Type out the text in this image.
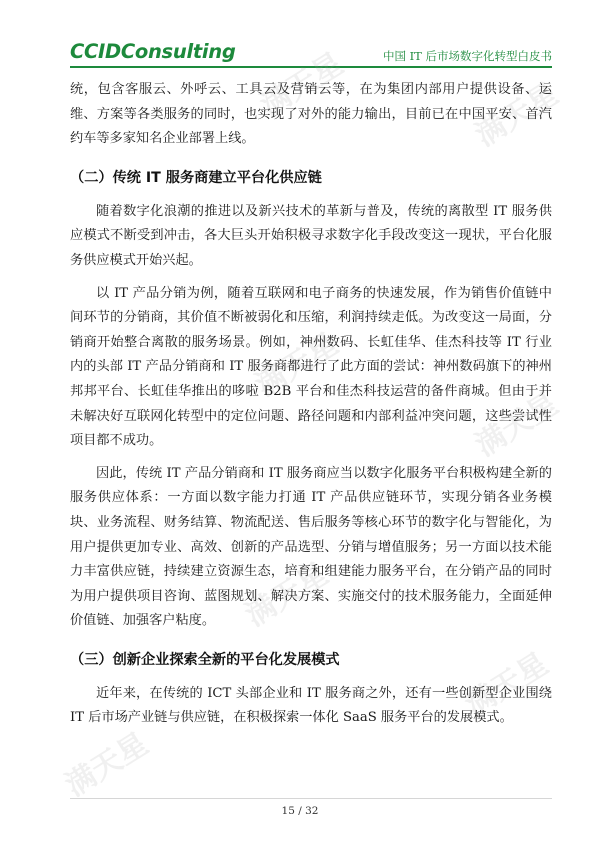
CCIDConsulting	中国 IT 后市场数字化转型白皮书
满天星	满天星
满天星
满天星
满天星
满天星
满天星

统，包含客服云、外呼云、工具云及营销云等，在为集团内部用户提供设备、运维、方案等各类服务的同时，也实现了对外的能力输出，目前已在中国平安、首汽约车等多家知名企业部署上线。

（二）传统 IT 服务商建立平台化供应链

随着数字化浪潮的推进以及新兴技术的革新与普及，传统的离散型 IT 服务供应模式不断受到冲击，各大巨头开始积极寻求数字化手段改变这一现状，平台化服务供应模式开始兴起。

以 IT 产品分销为例，随着互联网和电子商务的快速发展，作为销售价值链中间环节的分销商，其价值不断被弱化和压缩，利润持续走低。为改变这一局面，分销商开始整合离散的服务场景。例如，神州数码、长虹佳华、佳杰科技等 IT 行业内的头部 IT 产品分销商和 IT 服务商都进行了此方面的尝试：神州数码旗下的神州邦邦平台、长虹佳华推出的哆啦 B2B 平台和佳杰科技运营的备件商城。但由于并未解决好互联网化转型中的定位问题、路径问题和内部利益冲突问题，这些尝试性项目都不成功。

因此，传统 IT 产品分销商和 IT 服务商应当以数字化服务平台积极构建全新的服务供应体系：一方面以数字能力打通 IT 产品供应链环节，实现分销各业务模块、业务流程、财务结算、物流配送、售后服务等核心环节的数字化与智能化，为用户提供更加专业、高效、创新的产品选型、分销与增值服务；另一方面以技术能力丰富供应链，持续建立资源生态，培育和组建能力服务平台，在分销产品的同时为用户提供项目咨询、蓝图规划、解决方案、实施交付的技术服务能力，全面延伸价值链、加强客户粘度。

（三）创新企业探索全新的平台化发展模式

近年来，在传统的 ICT 头部企业和 IT 服务商之外，还有一些创新型企业围绕 IT 后市场产业链与供应链，在积极探索一体化 SaaS 服务平台的发展模式。

15 / 32
